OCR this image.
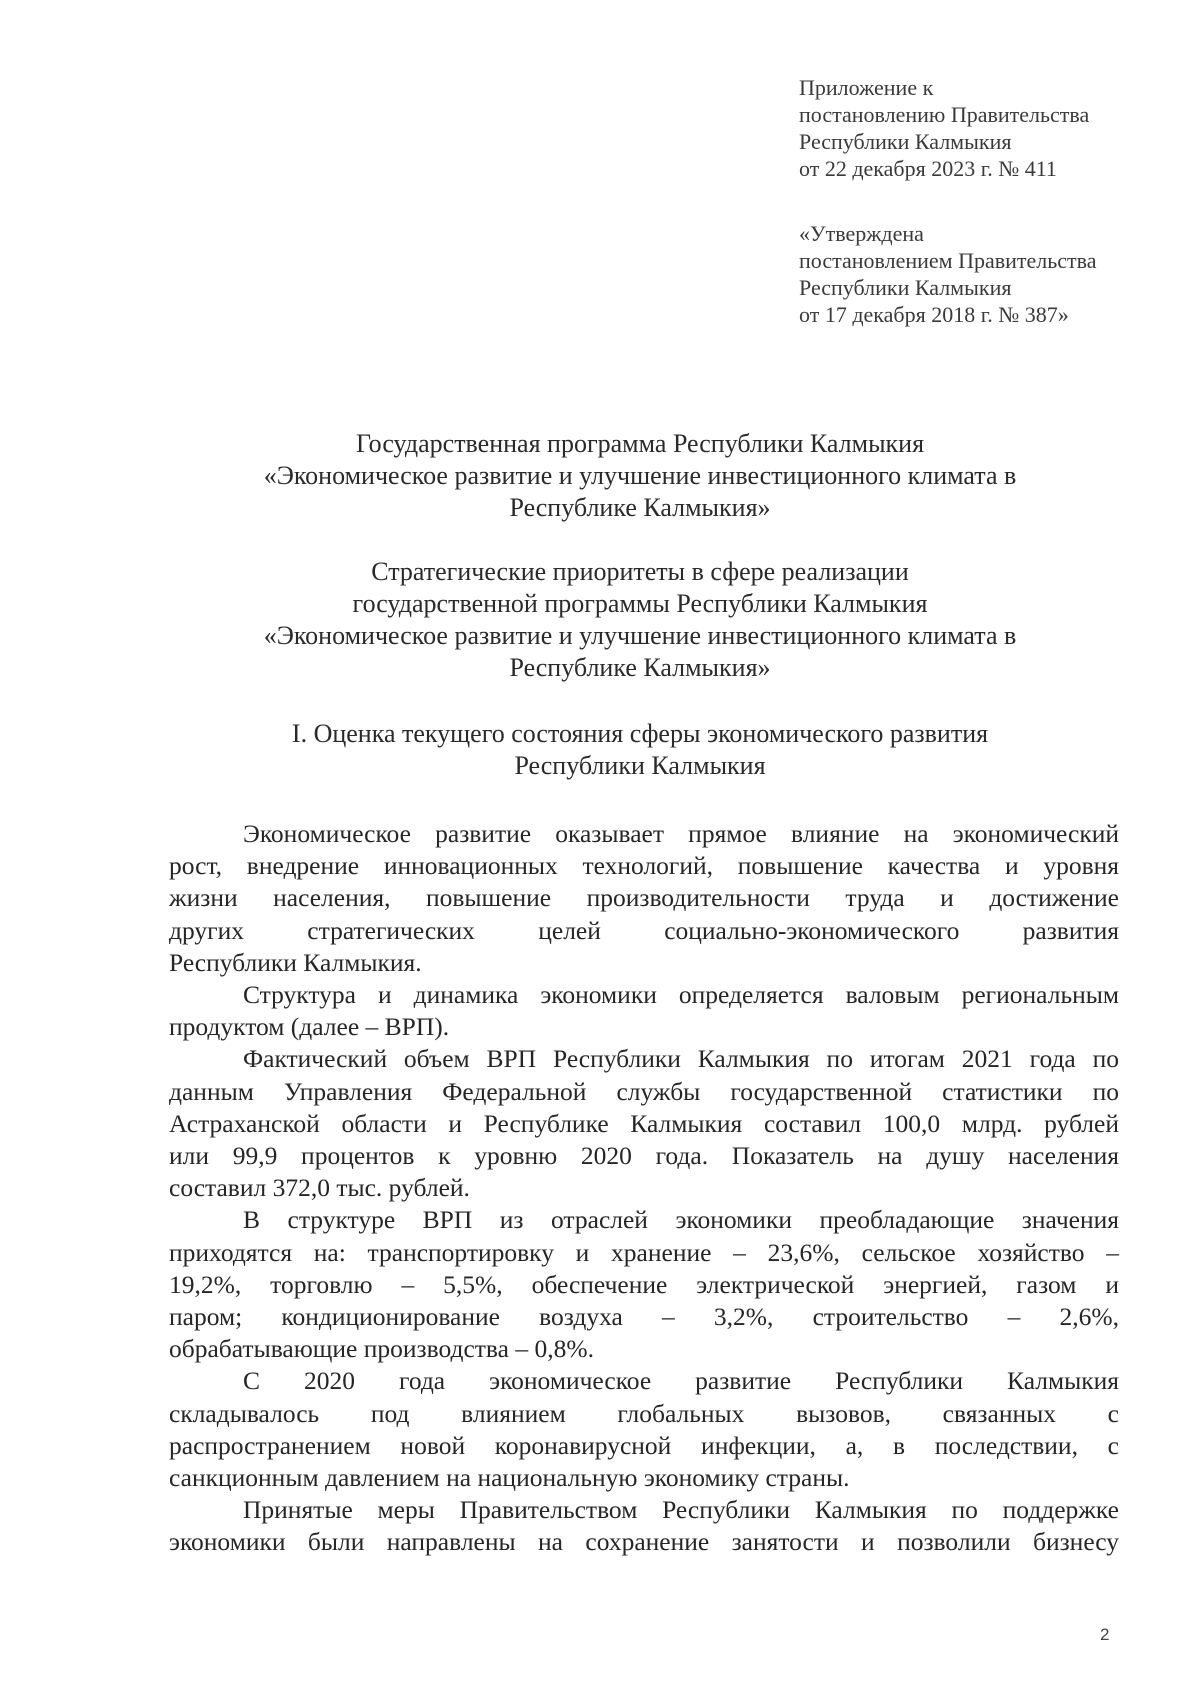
Приложение к
постановлению Правительства
Республики Калмыкия
от 22 декабря 2023 г. № 411
«Утверждена
постановлением Правительства
Республики Калмыкия
от 17 декабря 2018 г. № 387»
Государственная программа Республики Калмыкия
«Экономическое развитие и улучшение инвестиционного климата в
Республике Калмыкия»
Стратегические приоритеты в сфере реализации
государственной программы Республики Калмыкия
«Экономическое развитие и улучшение инвестиционного климата в
Республике Калмыкия»
I. Оценка текущего состояния сферы экономического развития
Республики Калмыкия
Экономическое развитие оказывает прямое влияние на экономический
рост, внедрение инновационных технологий, повышение качества и уровня
жизни населения, повышение производительности труда и достижение
других стратегических целей социально-экономического развития
Республики Калмыкия.
Структура и динамика экономики определяется валовым региональным
продуктом (далее – ВРП).
Фактический объем ВРП Республики Калмыкия по итогам 2021 года по
данным Управления Федеральной службы государственной статистики по
Астраханской области и Республике Калмыкия составил 100,0 млрд. рублей
или 99,9 процентов к уровню 2020 года. Показатель на душу населения
составил 372,0 тыс. рублей.
В структуре ВРП из отраслей экономики преобладающие значения
приходятся на: транспортировку и хранение – 23,6%, сельское хозяйство –
19,2%, торговлю – 5,5%, обеспечение электрической энергией, газом и
паром; кондиционирование воздуха – 3,2%, строительство – 2,6%,
обрабатывающие производства – 0,8%.
С 2020 года экономическое развитие Республики Калмыкия
складывалось под влиянием глобальных вызовов, связанных с
распространением новой коронавирусной инфекции, а, в последствии, с
санкционным давлением на национальную экономику страны.
Принятые меры Правительством Республики Калмыкия по поддержке
экономики были направлены на сохранение занятости и позволили бизнесу
2
